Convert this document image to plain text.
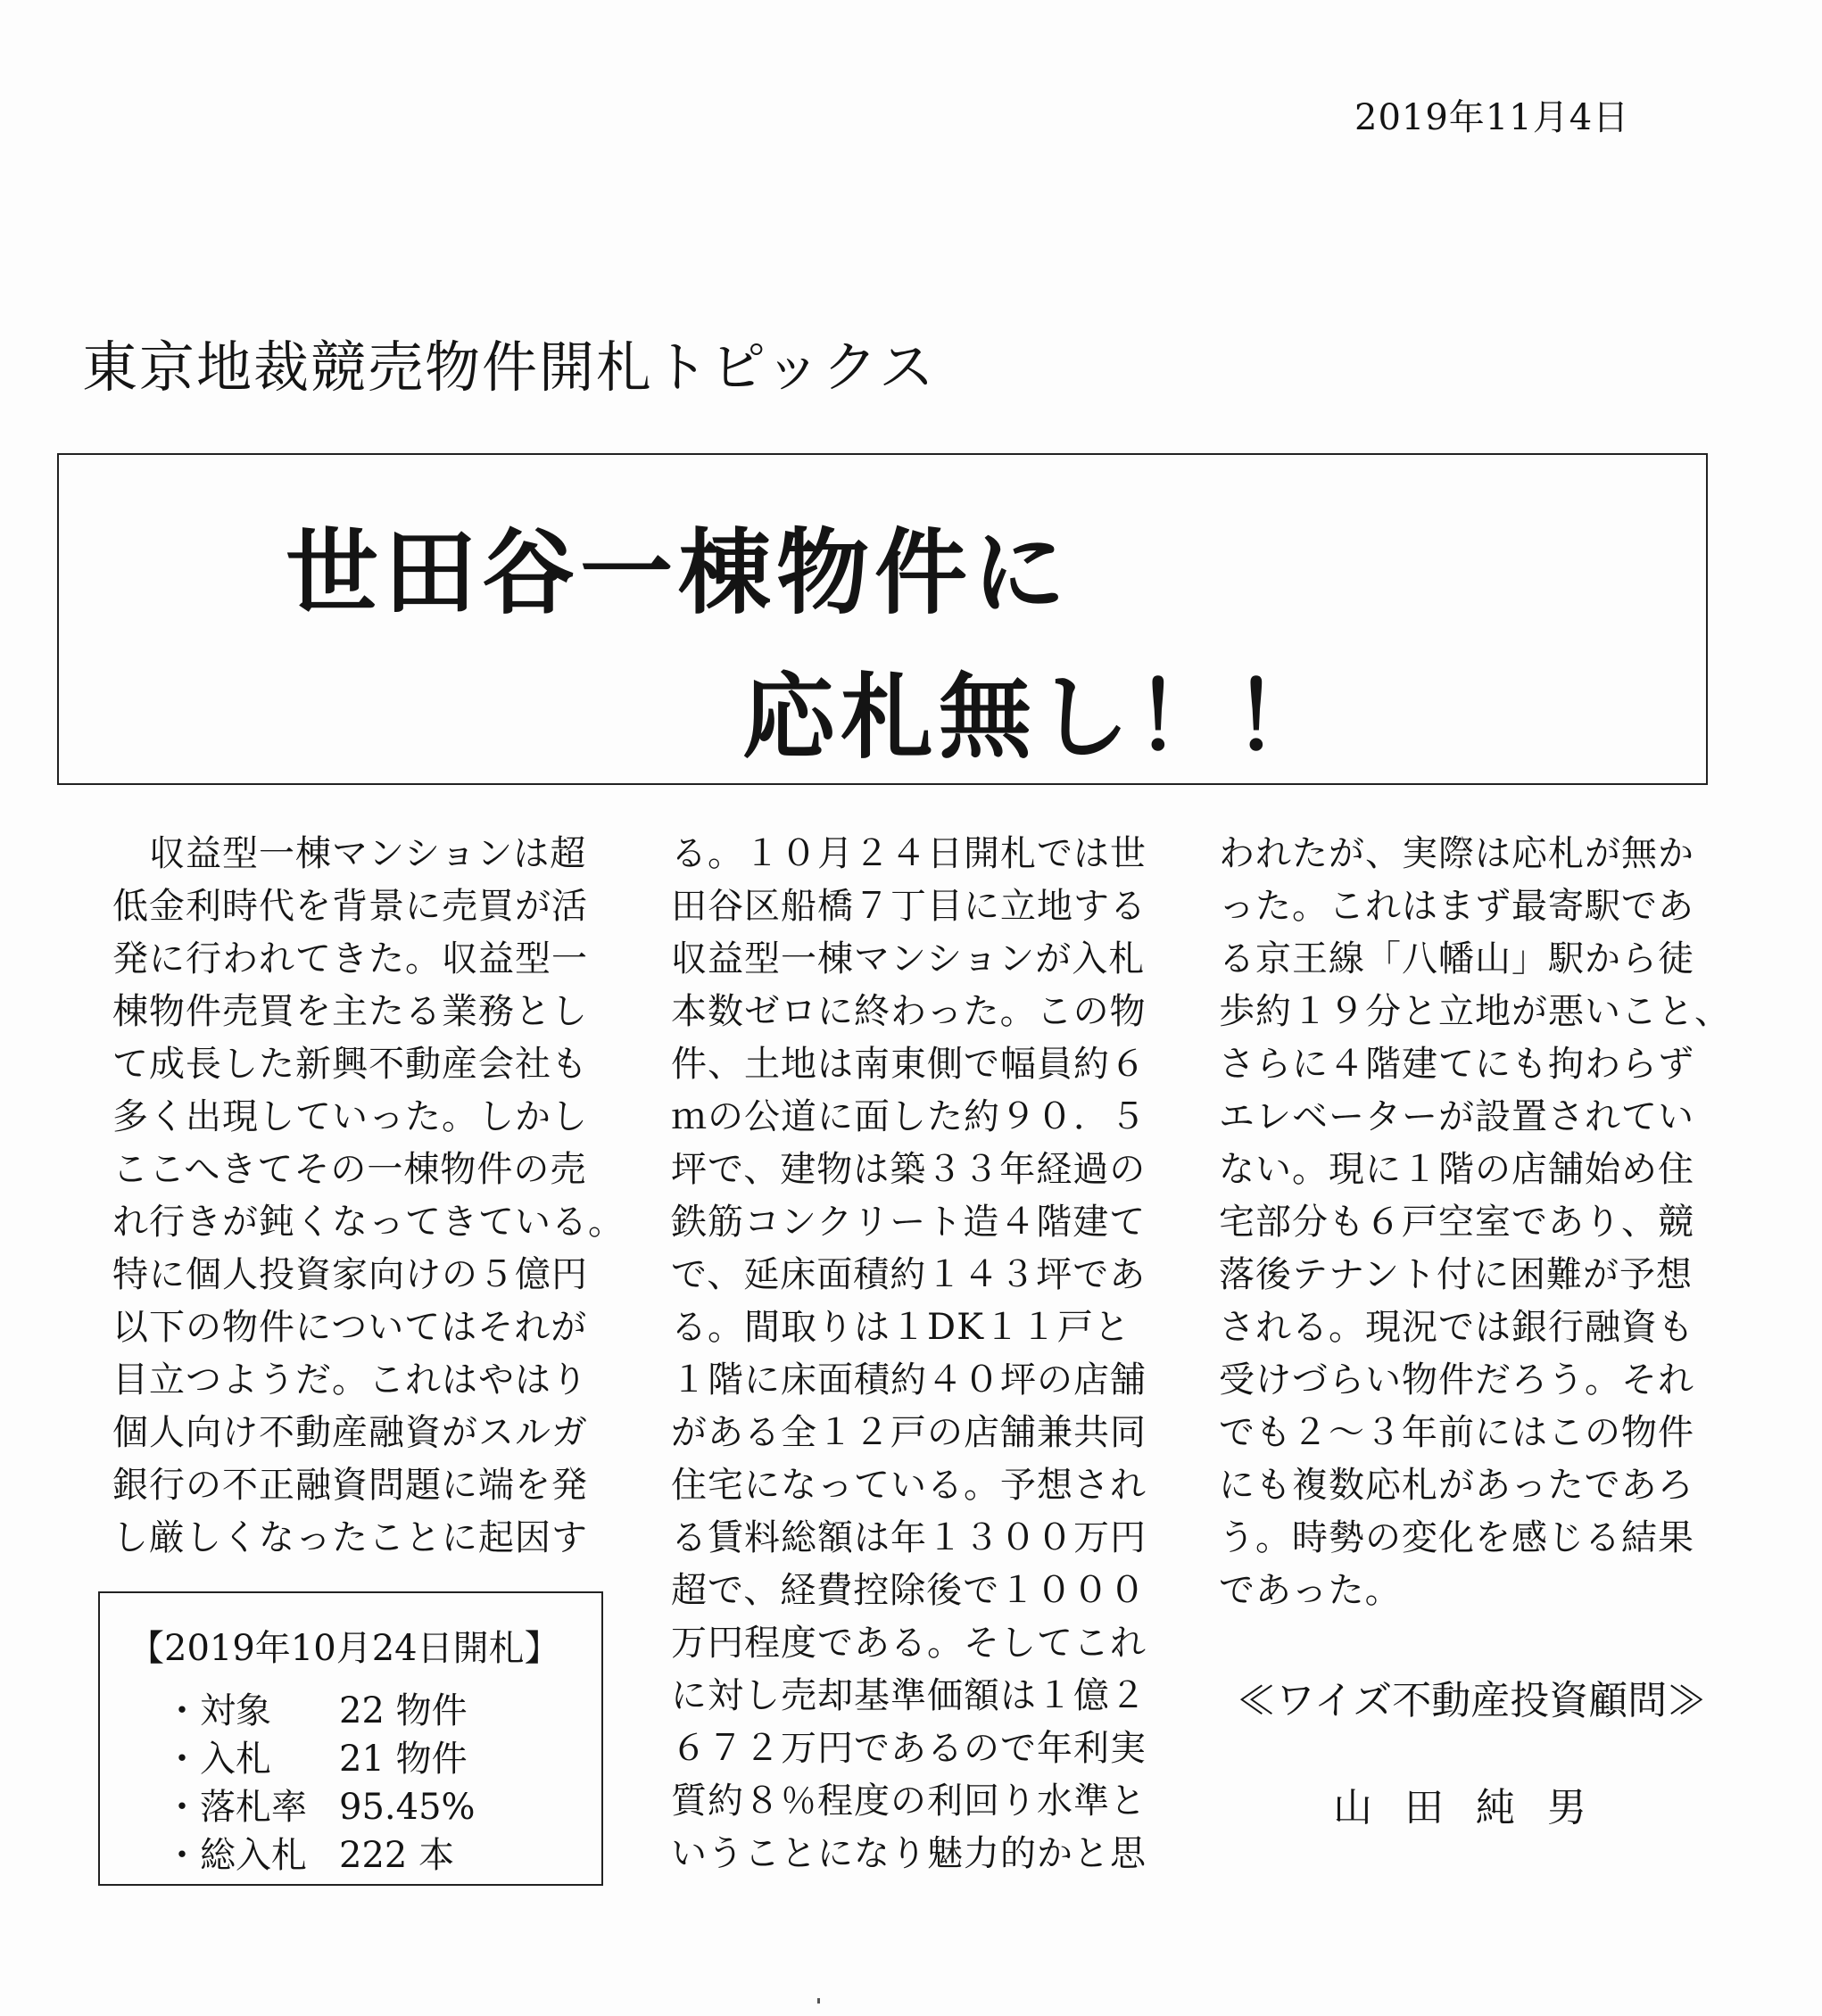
2019年11月4日
東京地裁競売物件開札トピックス
世田谷一棟物件に
応札無し！！
　収益型一棟マンションは超
低金利時代を背景に売買が活
発に行われてきた。収益型一
棟物件売買を主たる業務とし
て成長した新興不動産会社も
多く出現していった。しかし
ここへきてその一棟物件の売
れ行きが鈍くなってきている。
特に個人投資家向けの５億円
以下の物件についてはそれが
目立つようだ。これはやはり
個人向け不動産融資がスルガ
銀行の不正融資問題に端を発
し厳しくなったことに起因す
る。１０月２４日開札では世
田谷区船橋７丁目に立地する
収益型一棟マンションが入札
本数ゼロに終わった。この物
件、土地は南東側で幅員約６
ｍの公道に面した約９０．５
坪で、建物は築３３年経過の
鉄筋コンクリート造４階建て
で、延床面積約１４３坪であ
る。間取りは１DK１１戸と
１階に床面積約４０坪の店舗
がある全１２戸の店舗兼共同
住宅になっている。予想され
る賃料総額は年１３００万円
超で、経費控除後で１０００
万円程度である。そしてこれ
に対し売却基準価額は１億２
６７２万円であるので年利実
質約８％程度の利回り水準と
いうことになり魅力的かと思
われたが、実際は応札が無か
った。これはまず最寄駅であ
る京王線「八幡山」駅から徒
歩約１９分と立地が悪いこと、
さらに４階建てにも拘わらず
エレベーターが設置されてい
ない。現に１階の店舗始め住
宅部分も６戸空室であり、競
落後テナント付に困難が予想
される。現況では銀行融資も
受けづらい物件だろう。それ
でも２～３年前にはこの物件
にも複数応札があったであろ
う。時勢の変化を感じる結果
であった。
【2019年10月24日開札】
・対象 22 物件
・入札 21 物件
・落札率 95.45%
・総入札 222 本
≪ワイズ不動産投資顧問≫
山田純男
